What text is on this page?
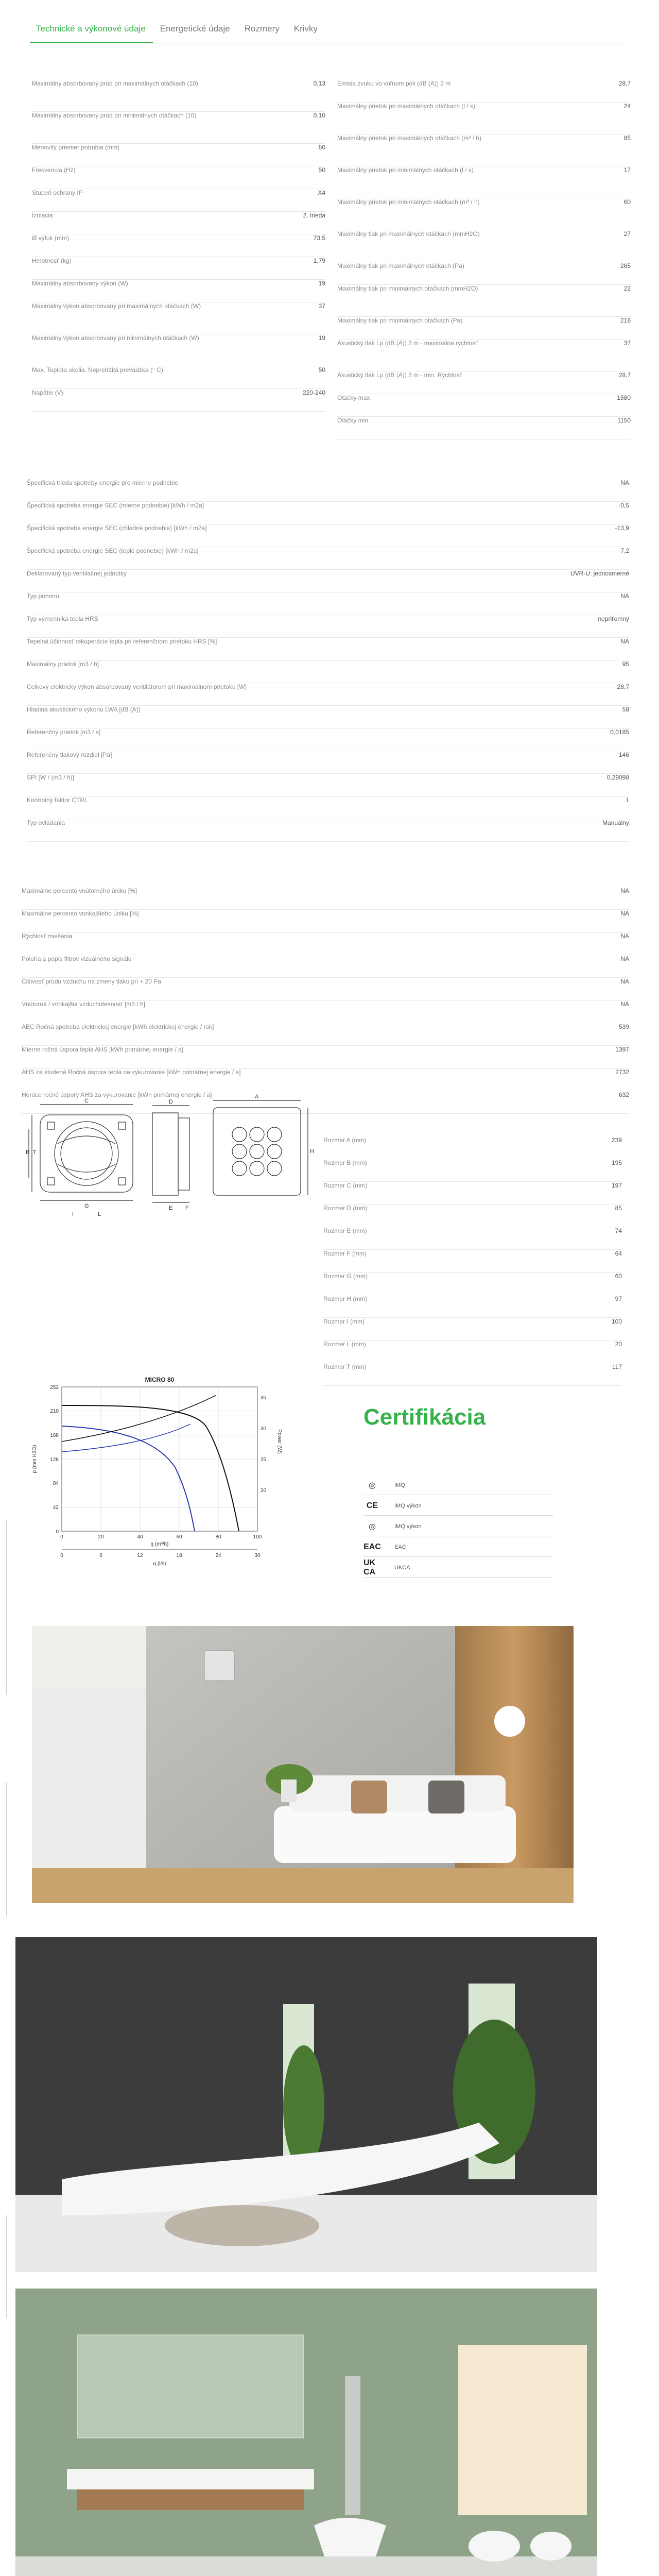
Technické a výkonové údaje	Energetické údaje	Rozmery	Krivky
Maximálny absorbovaný prúd pri maximálnych otáčkach (10)	0,13
Maximálny absorbovaný prúd pri minimálnych otáčkach (10)	0,10
Menovitý priemer potrubia (mm)	80
Frekvencia (Hz)	50
Stupeň ochrany IP	X4
Izolácia	2. trieda
Ø výfuk (mm)	73,5
Hmotnosť (kg)	1,79
Maximálny absorbovaný výkon (W)	19
Maximálny výkon absorbovaný pri maximálnych otáčkach (W)	37
Maximálny výkon absorbovaný pri minimálnych otáčkach (W)	19
Max. Teplota okolia. Nepretržitá prevádzka (° C)	50
Napätie (V)	220-240
Emisia zvuku vo voľnom poli (dB (A)) 3 m	28,7
Maximálny prietok pri maximálnych otáčkach (l / s)	24
Maximálny prietok pri maximálnych otáčkach (m³ / h)	85
Maximálny prietok pri minimálnych otáčkach (l / s)	17
Maximálny prietok pri minimálnych otáčkach (m³ / h)	60
Maximálny tlak pri maximálnych otáčkach (mmH2O)	27
Maximálny tlak pri maximálnych otáčkach (Pa)	265
Maximálny tlak pri minimálnych otáčkach (mmH2O)	22
Maximálny tlak pri minimálnych otáčkach (Pa)	216
Akustický tlak Lp (dB (A)) 3 m - maximálna rýchlosť	37
Akustický tlak Lp (dB (A)) 3 m - min. Rýchlosť	28,7
Otáčky max	1580
Otáčky min	1150
Špecifická trieda spotreby energie pre mierne podnebie	NA
Špecifická spotreba energie SEC (mierne podnebie) [kWh / m2a]	-0,5
Špecifická spotreba energie SEC (chladné podnebie) [kWh / m2a]	-13,9
Špecifická spotreba energie SEC (teplé podnebie) [kWh / m2a]	7,2
Deklarovaný typ ventilačnej jednotky	UVR-U: jednosmerné
Typ pohonu	NA
Typ výmenníka tepla HRS	nepriťomný
Tepelná účinnosť rekuperácie tepla pri referenčnom prietoku HRS [%]	NA
Maximálny prietok [m3 / h]	95
Celkový elektrický výkon absorbovaný ventilátorom pri maximálnom prietoku [W]	28,7
Hladina akustického výkonu LWA [dB (A)]	58
Referenčný prietok [m3 / s]	0,0185
Referenčný tlakový rozdiel [Pa]	146
SPI [W / (m3 / h)]	0,29098
Kontrolný faktor CTRL	1
Typ ovládania	Manuálny
Maximálne percento vnútorného úniku [%]	NA
Maximálne percento vonkajšieho úniku [%]	NA
Rýchlosť miešania	NA
Poloha a popis filtrov vizuálneho signálu	NA
Citlivosť prúdu vzduchu na zmeny tlaku pri + 20 Pa	NA
Vnútorná / vonkajšia vzduchotesnosť [m3 / h]	NA
AEC Ročná spotreba elektrickej energie [kWh elektrickej energie / rok]	539
Mierne ročná úspora tepla AHS [kWh primárnej energie / a]	1397
AHS za studené Ročná úspora tepla na vykurovanie [kWh primárnej energie / a]	2732
Horúce ročné úspory AHS za vykurovanie [kWh primárnej energie / a]	632
Rozmer A (mm)	239
Rozmer B (mm)	195
Rozmer C (mm)	197
Rozmer D (mm)	85
Rozmer E (mm)	74
Rozmer F (mm)	64
Rozmer G (mm)	60
Rozmer H (mm)	97
Rozmer I (mm)	100
Rozmer L (mm)	20
Rozmer T (mm)	117
C
G
B T
D
E
A
H
I	L
F
MICRO 80
252
210
168
126
84
42
0
35
30
25
20
0	20	40	60	80	100
q (m³/h)
0	6	12	18	24	30
q (l/s)
p (mm H2O)
Power (W)
Certifikácia
◎	IMQ
CE	IMQ výkon
◎	IMQ výkon
EAC EAC
UK CA	UKCA
